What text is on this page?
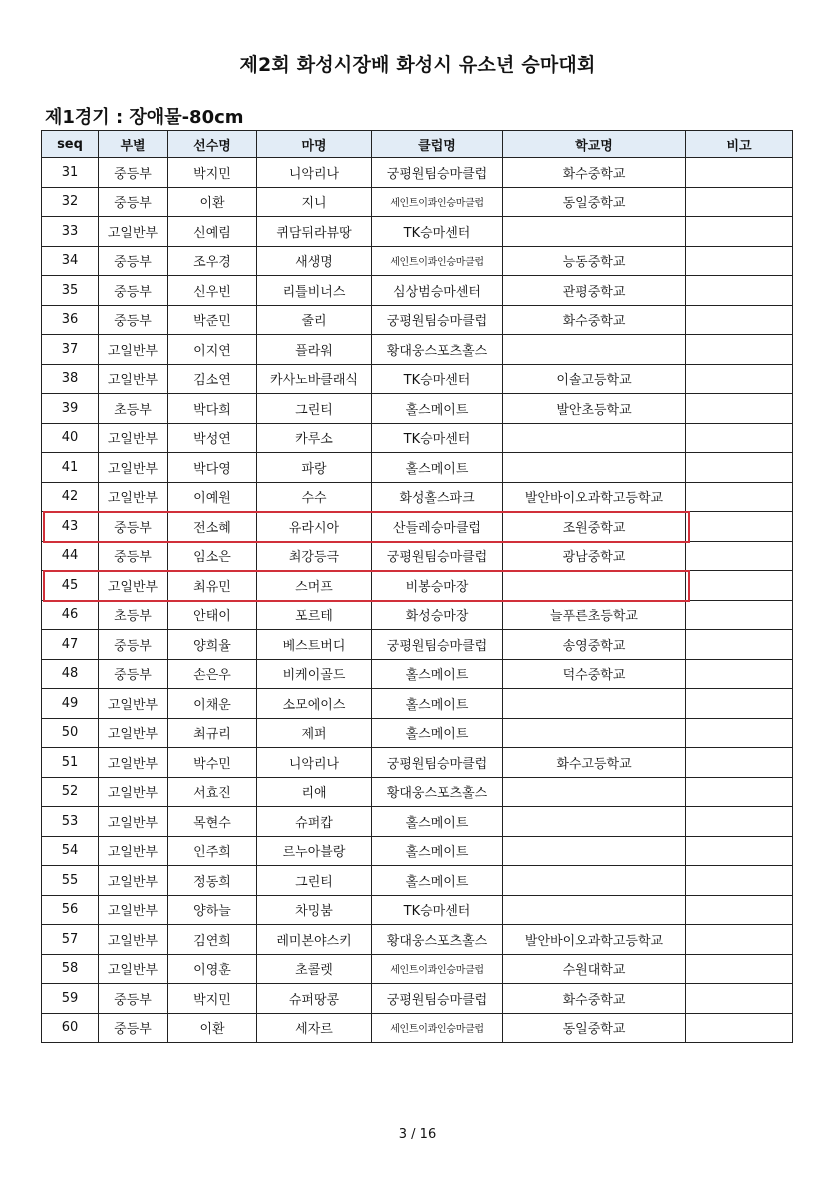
제2회 화성시장배 화성시 유소년 승마대회
제1경기 : 장애물-80cm
seq	부별	선수명	마명	클럽명	학교명	비고
31	중등부	박지민	니악리나	궁평원팀승마클럽	화수중학교	
32	중등부	이환	지니	세인트이콰인승마클럽	동일중학교	
33	고일반부	신예림	퀴담뒤라뷰땅	TK승마센터		
34	중등부	조우경	새생명	세인트이콰인승마클럽	능동중학교	
35	중등부	신우빈	리틀비너스	심상범승마센터	관평중학교	
36	중등부	박준민	줄리	궁평원팀승마클럽	화수중학교	
37	고일반부	이지연	플라워	황대웅스포츠홀스		
38	고일반부	김소연	카사노바클래식	TK승마센터	이솔고등학교	
39	초등부	박다희	그린티	홀스메이트	발안초등학교	
40	고일반부	박성연	카루소	TK승마센터		
41	고일반부	박다영	파랑	홀스메이트		
42	고일반부	이예원	수수	화성홀스파크	발안바이오과학고등학교	
43	중등부	전소혜	유라시아	산들레승마클럽	조원중학교	
44	중등부	임소은	최강등극	궁평원팀승마클럽	광남중학교	
45	고일반부	최유민	스머프	비봉승마장		
46	초등부	안태이	포르테	화성승마장	늘푸른초등학교	
47	중등부	양희율	베스트버디	궁평원팀승마클럽	송영중학교	
48	중등부	손은우	비케이골드	홀스메이트	덕수중학교	
49	고일반부	이채운	소모에이스	홀스메이트		
50	고일반부	최규리	제퍼	홀스메이트		
51	고일반부	박수민	니악리나	궁평원팀승마클럽	화수고등학교	
52	고일반부	서효진	리애	황대웅스포츠홀스		
53	고일반부	목현수	슈퍼캅	홀스메이트		
54	고일반부	인주희	르누아블랑	홀스메이트		
55	고일반부	정동희	그린티	홀스메이트		
56	고일반부	양하늘	차밍붐	TK승마센터		
57	고일반부	김연희	레미본야스키	황대웅스포츠홀스	발안바이오과학고등학교	
58	고일반부	이영훈	초콜렛	세인트이콰인승마클럽	수원대학교	
59	중등부	박지민	슈퍼땅콩	궁평원팀승마클럽	화수중학교	
60	중등부	이환	세자르	세인트이콰인승마클럽	동일중학교	
3 / 16
